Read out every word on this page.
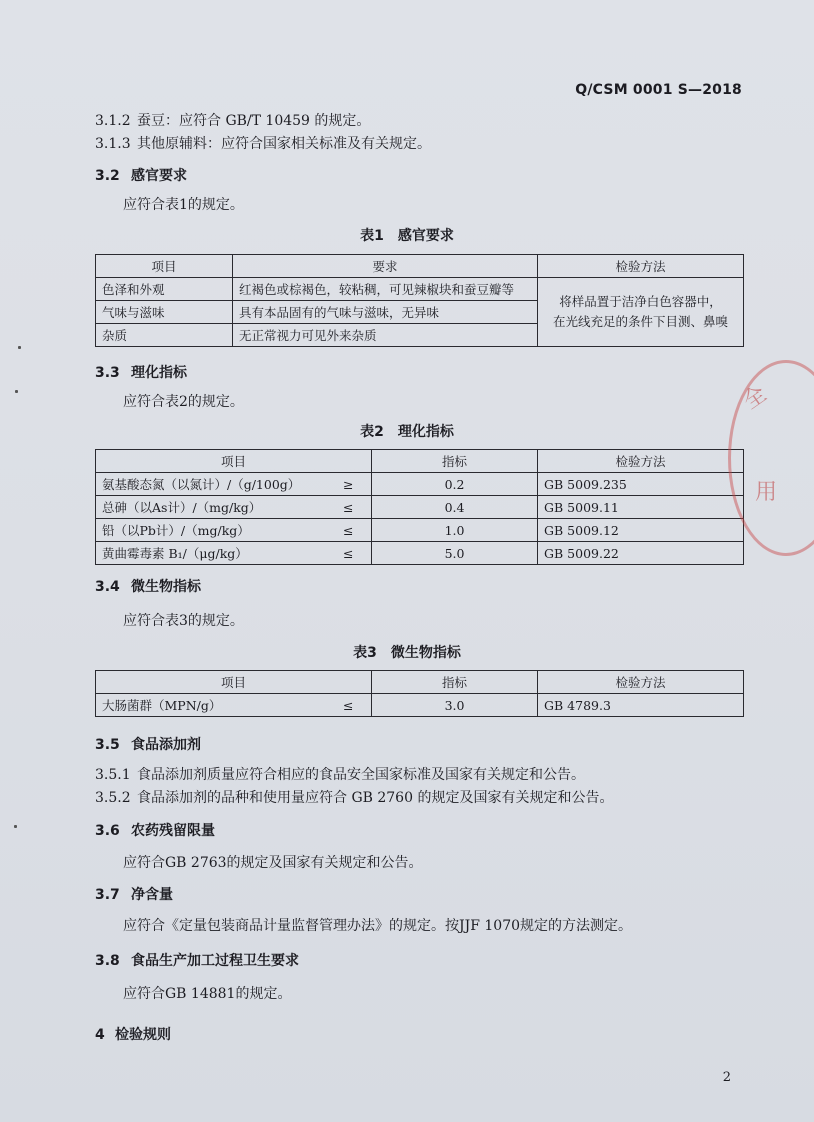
Q/CSM 0001 S—2018
3.1.2 蚕豆：应符合 GB/T 10459 的规定。
3.1.3 其他原辅料：应符合国家相关标准及有关规定。
3.2 感官要求
应符合表1的规定。
表1　感官要求
项目	要求	检验方法
色泽和外观	红褐色或棕褐色，较粘稠，可见辣椒块和蚕豆瓣等	将样品置于洁净白色容器中，
在光线充足的条件下目测、鼻嗅

气味与滋味	具有本品固有的气味与滋味，无异味	
杂质	无正常视力可见外来杂质	
3.3 理化指标
应符合表2的规定。
表2　理化指标
项目		指标	检验方法
氨基酸态氮（以氮计）/（g/100g）	≥	0.2	GB 5009.235
总砷（以As计）/（mg/kg）	≤	0.4	GB 5009.11
铅（以Pb计）/（mg/kg）	≤	1.0	GB 5009.12
黄曲霉毒素 B₁/（μg/kg）	≤	5.0	GB 5009.22
3.4 微生物指标
应符合表3的规定。
表3　微生物指标
项目		指标	检验方法
大肠菌群（MPN/g）	≤	3.0	GB 4789.3
3.5 食品添加剂
3.5.1 食品添加剂质量应符合相应的食品安全国家标准及国家有关规定和公告。
3.5.2 食品添加剂的品种和使用量应符合 GB 2760 的规定及国家有关规定和公告。
3.6 农药残留限量
应符合GB 2763的规定及国家有关规定和公告。
3.7 净含量
应符合《定量包装商品计量监督管理办法》的规定。按JJF 1070规定的方法测定。
3.8 食品生产加工过程卫生要求
应符合GB 14881的规定。
4 检验规则
2
全
用
